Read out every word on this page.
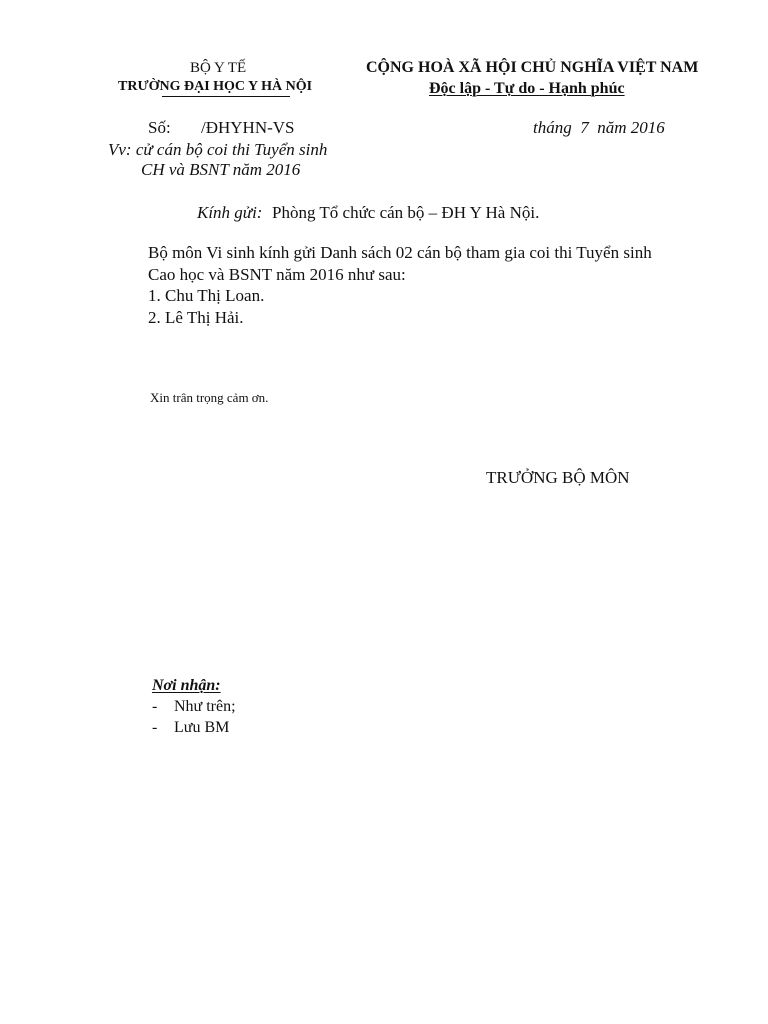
BỘ Y TẾ
TRƯỜNG ĐẠI HỌC Y HÀ NỘI
CỘNG HOÀ XÃ HỘI CHỦ NGHĨA VIỆT NAM
Độc lập - Tự do - Hạnh phúc
Số: /ĐHYHN-VS	tháng  7  năm 2016
Vv: cử cán bộ coi thi Tuyển sinh
CH và BSNT năm 2016
Kính gửi: Phòng Tổ chức cán bộ – ĐH Y Hà Nội.
Bộ môn Vi sinh kính gửi Danh sách 02 cán bộ tham gia coi thi Tuyển sinh
Cao học và BSNT năm 2016 như sau:
1. Chu Thị Loan.
2. Lê Thị Hải.
Xin trân trọng cảm ơn.
TRƯỞNG BỘ MÔN
Nơi nhận:
- Như trên;
- Lưu BM
